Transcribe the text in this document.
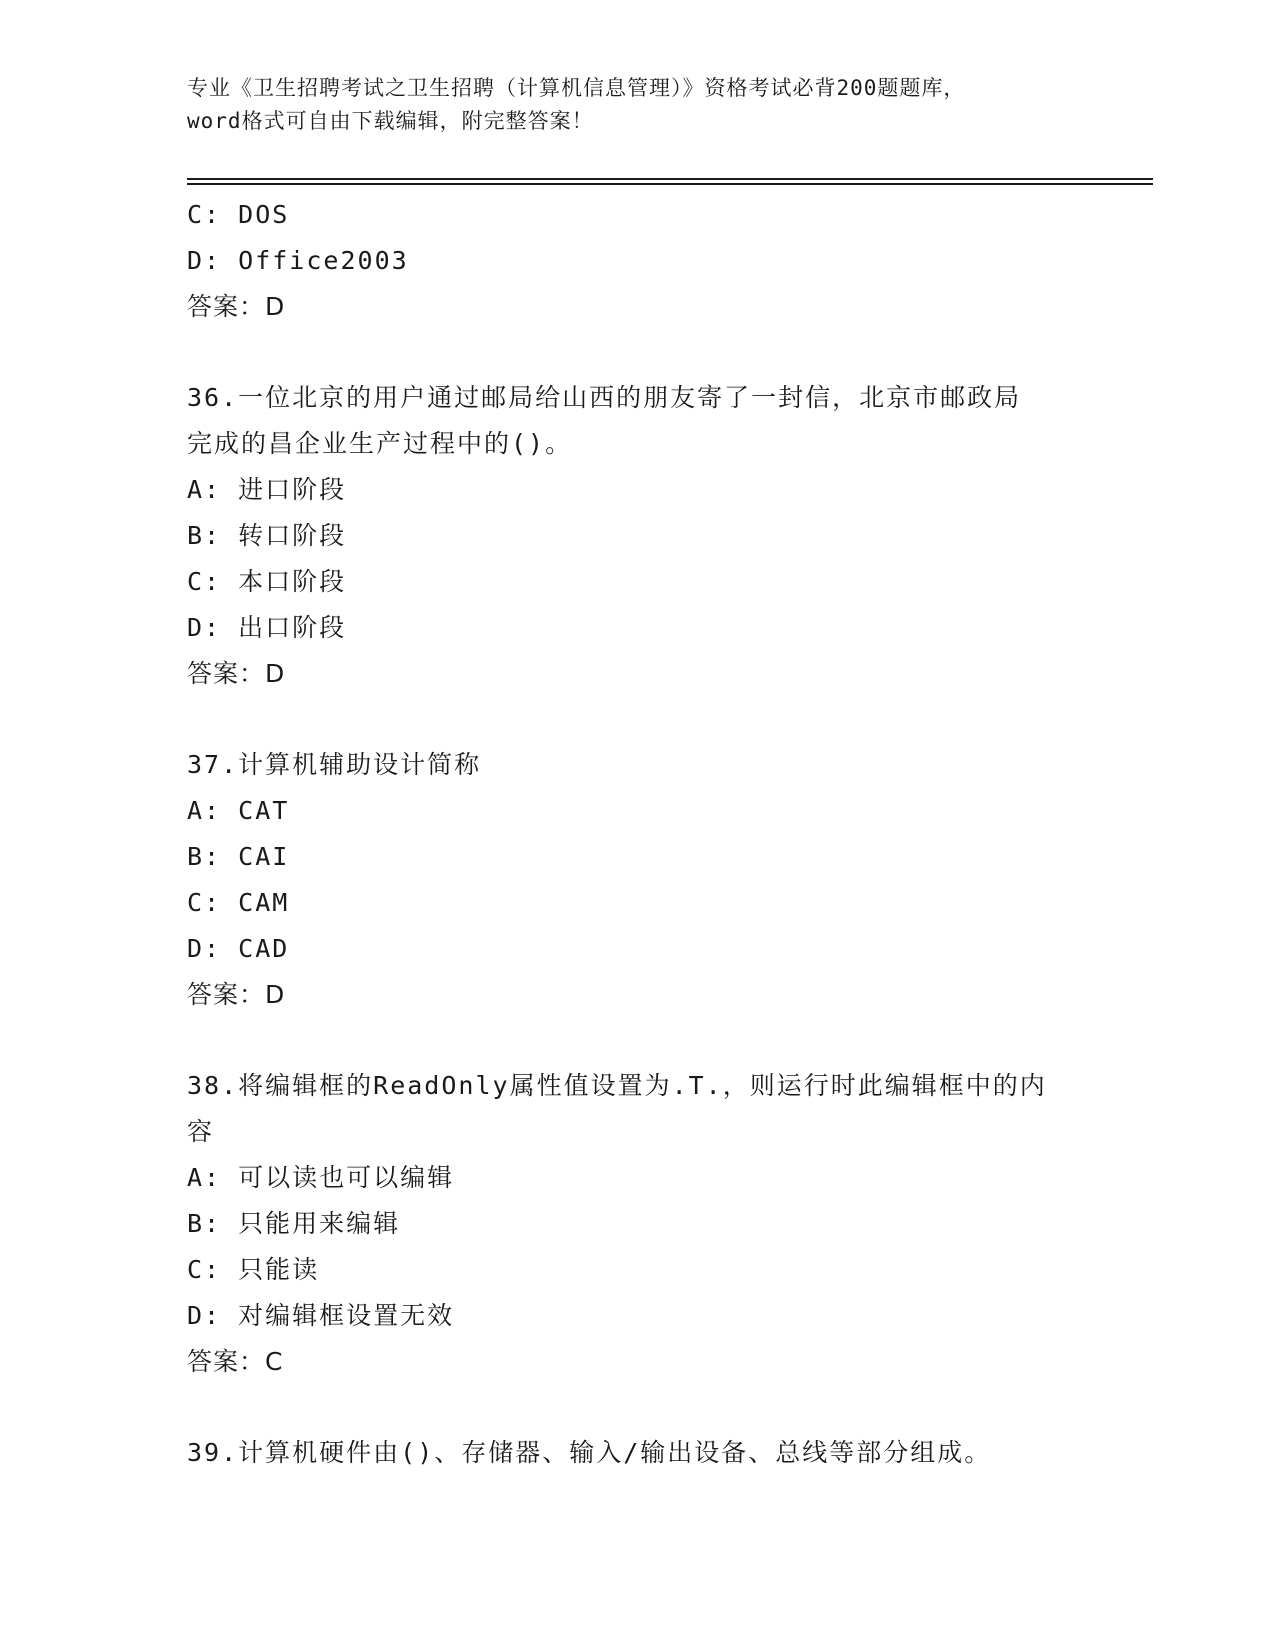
专业《卫生招聘考试之卫生招聘（计算机信息管理）》资格考试必背200题题库，
word格式可自由下载编辑，附完整答案！
C: DOS
D: Office2003
答案：D
36.一位北京的用户通过邮局给山西的朋友寄了一封信，北京市邮政局
完成的昌企业生产过程中的()。
A: 进口阶段
B: 转口阶段
C: 本口阶段
D: 出口阶段
答案：D
37.计算机辅助设计简称
A: CAT
B: CAI
C: CAM
D: CAD
答案：D
38.将编辑框的ReadOnly属性值设置为.T.，则运行时此编辑框中的内
容
A: 可以读也可以编辑
B: 只能用来编辑
C: 只能读
D: 对编辑框设置无效
答案：C
39.计算机硬件由()、存储器、输入/输出设备、总线等部分组成。
